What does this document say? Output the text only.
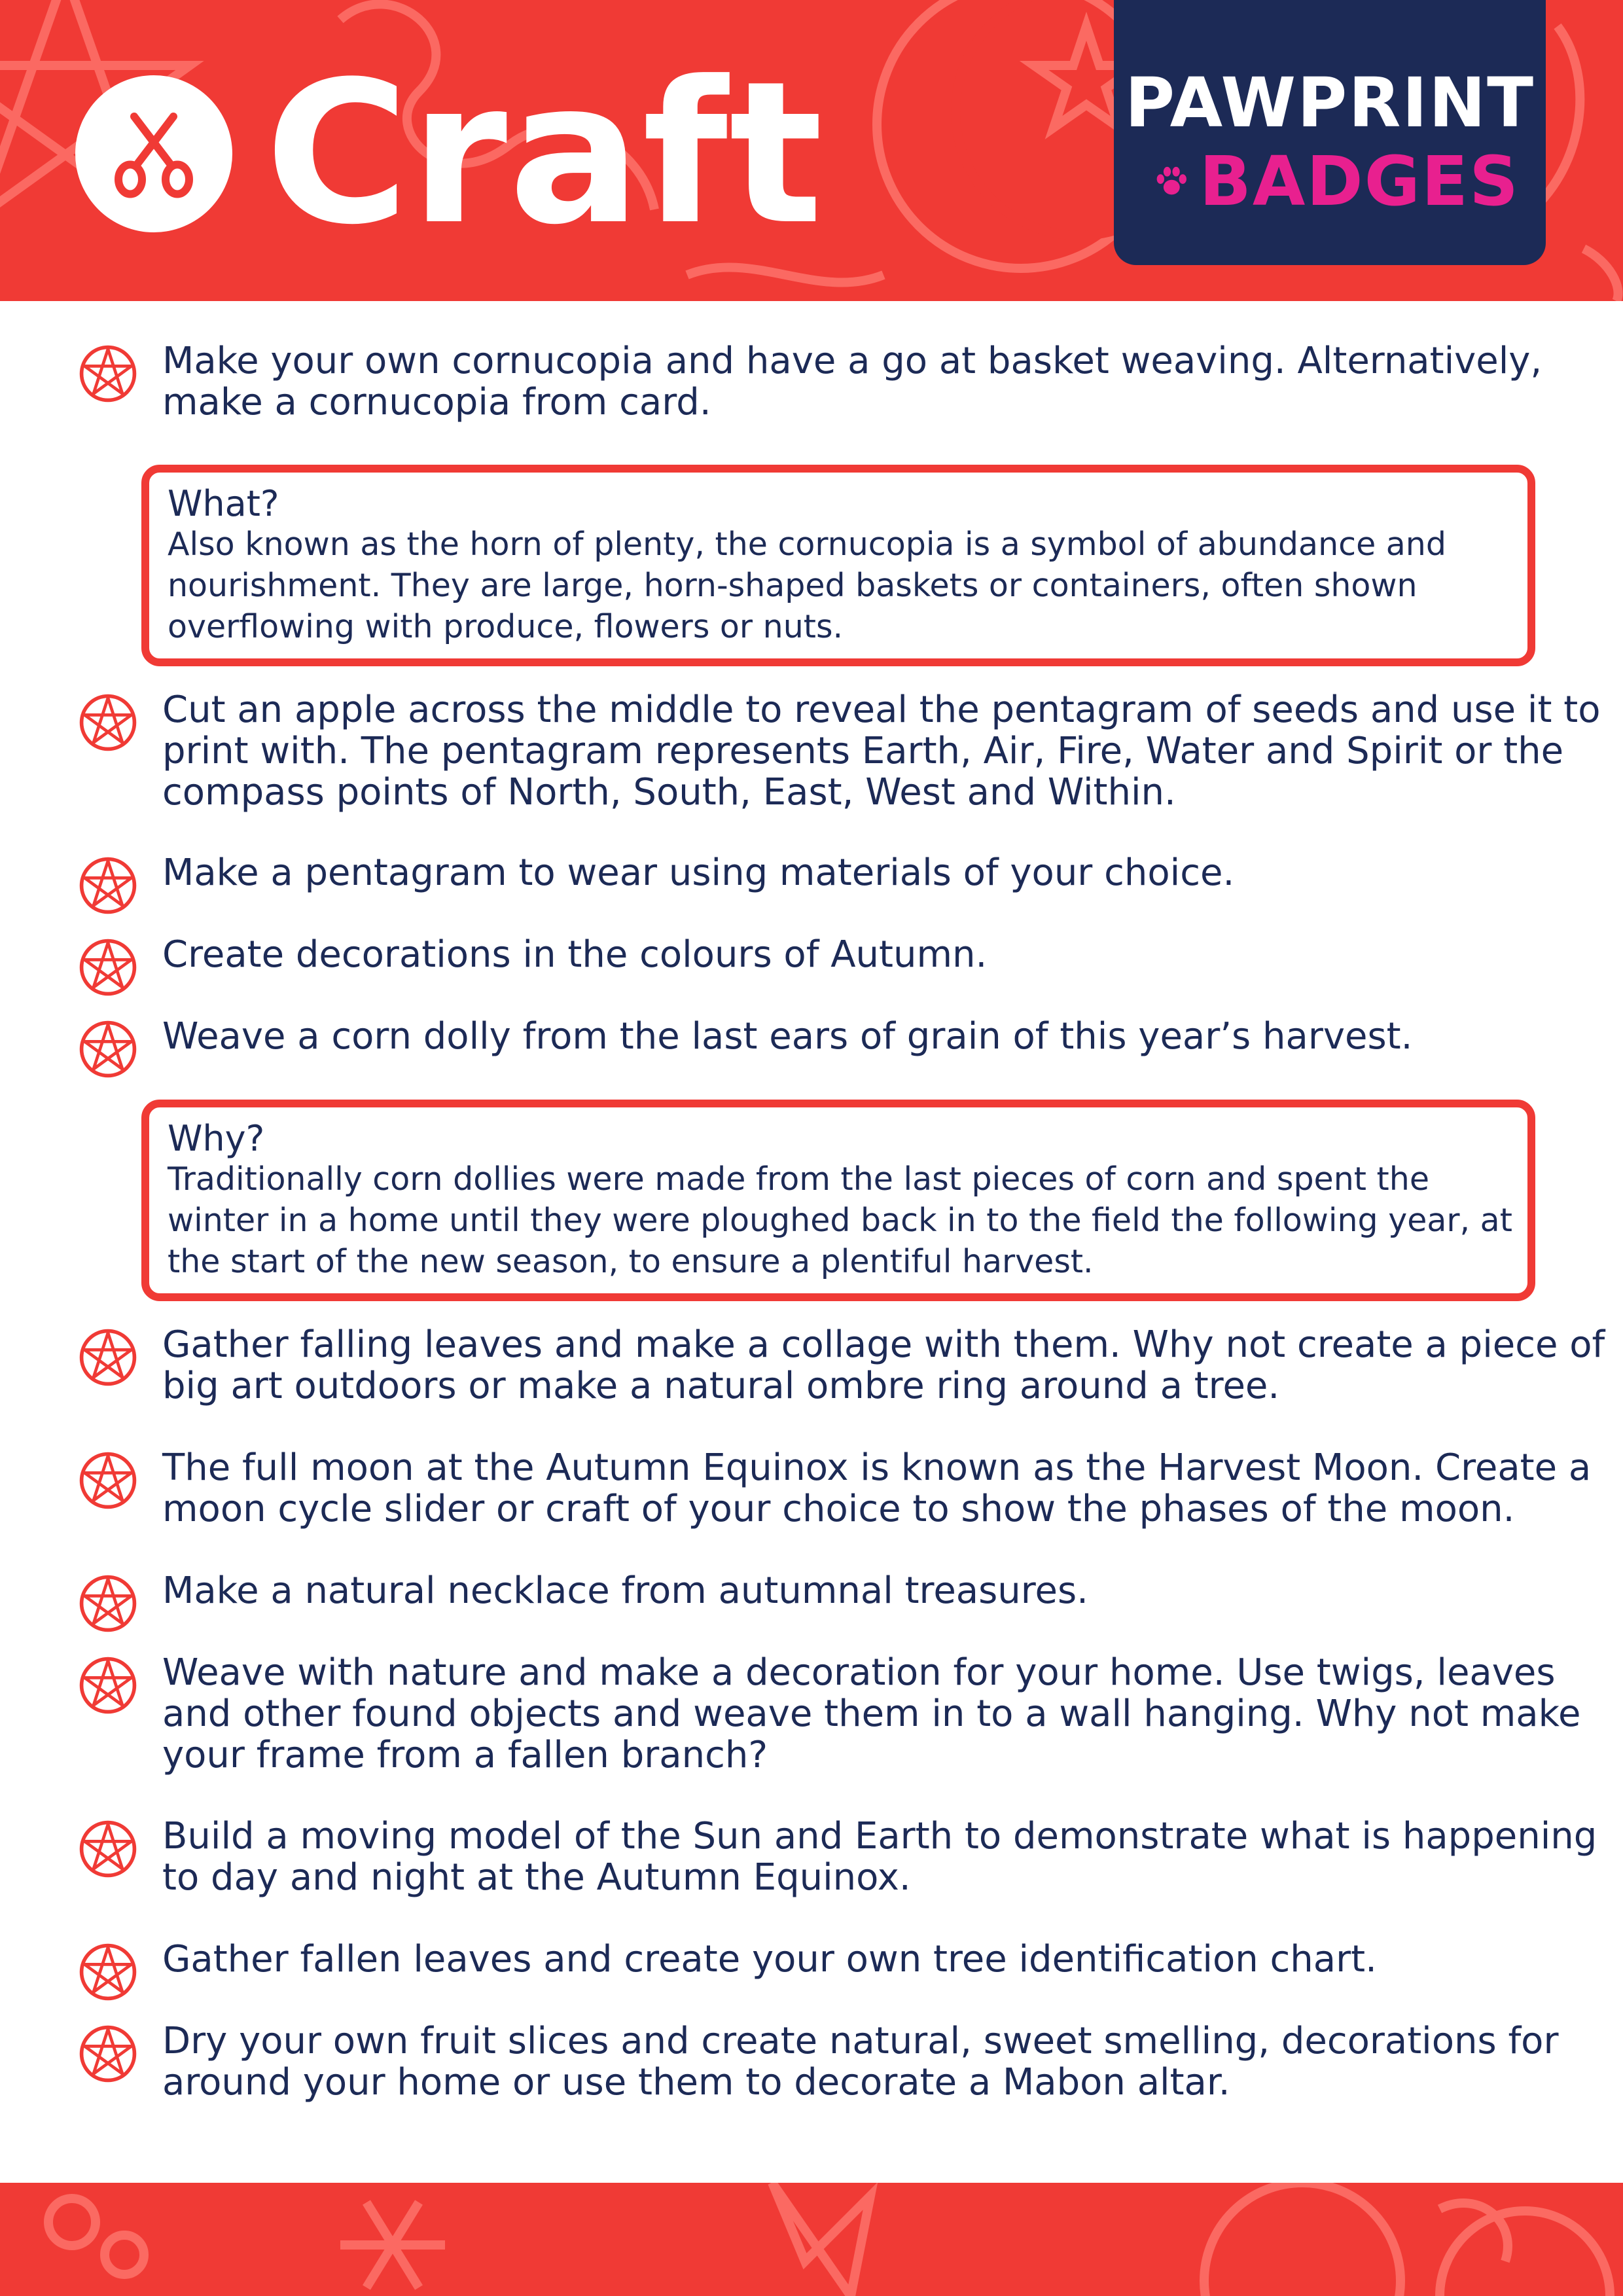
Craft	PAWPRINT
BADGES
Make your own cornucopia and have a go at basket weaving. Alternatively, make a cornucopia from card.
What?
Also known as the horn of plenty, the cornucopia is a symbol of abundance and nourishment. They are large, horn-shaped baskets or containers, often shown overflowing with produce, flowers or nuts.
Cut an apple across the middle to reveal the pentagram of seeds and use it to print with. The pentagram represents Earth, Air, Fire, Water and Spirit or the compass points of North, South, East, West and Within.
Make a pentagram to wear using materials of your choice.
Create decorations in the colours of Autumn.
Weave a corn dolly from the last ears of grain of this year’s harvest.
Why?
Traditionally corn dollies were made from the last pieces of corn and spent the winter in a home until they were ploughed back in to the field the following year, at the start of the new season, to ensure a plentiful harvest.
Gather falling leaves and make a collage with them. Why not create a piece of big art outdoors or make a natural ombre ring around a tree.
The full moon at the Autumn Equinox is known as the Harvest Moon. Create a moon cycle slider or craft of your choice to show the phases of the moon.
Make a natural necklace from autumnal treasures.
Weave with nature and make a decoration for your home. Use twigs, leaves and other found objects and weave them in to a wall hanging. Why not make your frame from a fallen branch?
Build a moving model of the Sun and Earth to demonstrate what is happening to day and night at the Autumn Equinox.
Gather fallen leaves and create your own tree identification chart.
Dry your own fruit slices and create natural, sweet smelling, decorations for around your home or use them to decorate a Mabon altar.
